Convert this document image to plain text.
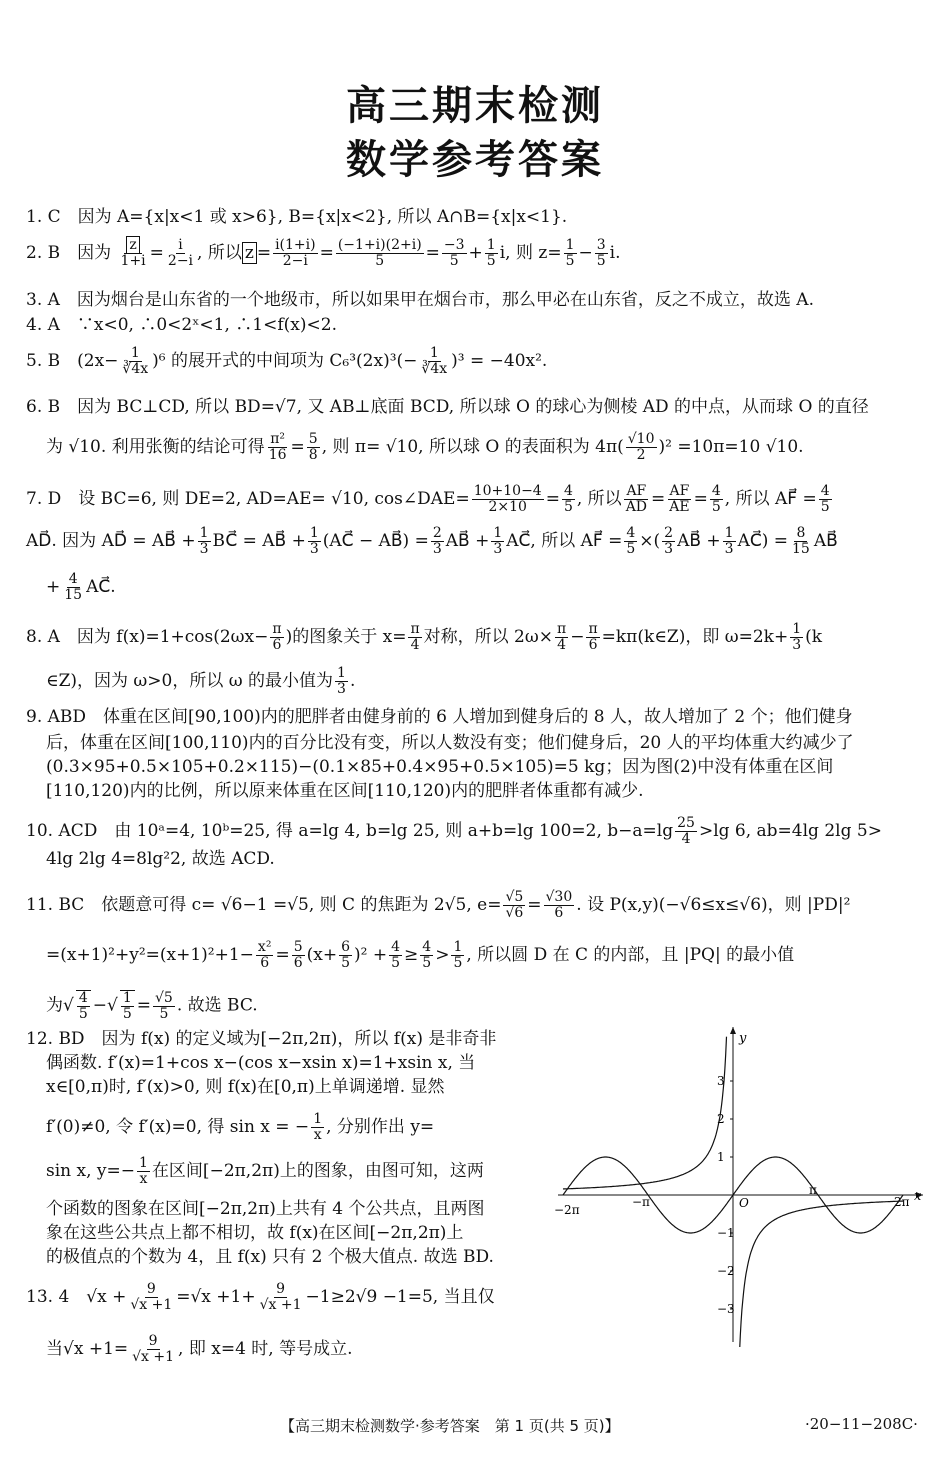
高三期末检测
数学参考答案
1. C　因为 A={x|x<1 或 x>6}, B={x|x<2}, 所以 A∩B={x|x<1}.
2. B　因为 $\frac{z}{1+i} = \frac{i}{2-i}$ , 所以 $z = \frac{i(1+i)}{2-i} = \frac{(-1+i)(2+i)}{5} = \frac{-3}{5} + \frac{1}{5} i$, 则 $z= \frac{1}{5} - \frac{3}{5} i$.
3. A　因为烟台是山东省的一个地级市，所以如果甲在烟台市，那么甲必在山东省，反之不成立，故选 A.
4. A　∵x<0, ∴0<2ˣ<1, ∴1<f(x)<2.
5. B　$(2x- \frac{1}{∛4x} )^6$ 的展开式的中间项为 $C_6^3(2x)^3(- \frac{1}{∛4x} )^3 = -40x^2$.
6. B　因为 BC⊥CD, 所以 BD=√7, 又 AB⊥底面 BCD, 所以球 O 的球心为侧棱 AD 的中点，从而球 O 的直径
为 √10. 利用张衡的结论可得 $\frac{\text{π²}}{16} = \frac{5}{8}$ , 则 π= √10, 所以球 O 的表面积为 $4\pi( \frac{√10}{2} )^2 =10\pi=10$ √10.
7. D　设 BC=6, 则 DE=2, AD=AE= √10, cos∠DAE= $\frac{10+10-4}{2\times 10} = \frac{4}{5}$ , 所以 $\frac{AF}{AD} = \frac{AF}{AE} = \frac{4}{5}$ , 所以 AF⃗ = $\frac{4}{5}$
AD⃗. 因为 AD⃗ = AB⃗ + $\frac{1}{3}$ BC⃗ = AB⃗ + $\frac{1}{3}$ (AC⃗ − AB⃗) = $\frac{2}{3}$ AB⃗ + $\frac{1}{3}$ AC⃗, 所以 AF⃗ = $\frac{4}{5}$ ×( $\frac{2}{3}$ AB⃗ + $\frac{1}{3}$ AC⃗) = $\frac{8}{15}$ AB⃗
+ $\frac{4}{15}$ AC⃗.
8. A　因为 $f(x)=1+\cos(2\omega x- \frac{\pi}{6}$ )的图象关于 $x= \frac{\pi}{4}$ 对称，所以 $2\omega\times \frac{\pi}{4} - \frac{\pi}{6}$ =kπ(k∈Z)，即 $\omega=2k+ \frac{1}{3} (k$
∈Z)，因为 ω>0，所以 ω 的最小值为 $\frac{1}{3}$ .
9. ABD　体重在区间[90,100)内的肥胖者由健身前的 6 人增加到健身后的 8 人，故人增加了 2 个；他们健身
后，体重在区间[100,110)内的百分比没有变，所以人数没有变；他们健身后，20 人的平均体重大约减少了
(0.3×95+0.5×105+0.2×115)−(0.1×85+0.4×95+0.5×105)=5 kg；因为图(2)中没有体重在区间
[110,120)内的比例，所以原来体重在区间[110,120)内的肥胖者体重都有减少.
10. ACD　由 10ᵃ=4, 10ᵇ=25, 得 a=lg 4, b=lg 25, 则 a+b=lg 100=2, $b-a=\lg \frac{25}{4} >\lg$ 6, ab=4lg 2lg 5>
4lg 2lg 4=8lg²2, 故选 ACD.
11. BC　依题意可得 c= √6−1 =√5, 则 C 的焦距为 2√5, $e= \frac{√5}{√6} = \frac{√30}{6}$ . 设 P(x,y)(−√6≤x≤√6)，则 |PD|²
$=(x+1)^2+y^2=(x+1)^2+1- \frac{\text{x²}}{6} = \frac{5}{6} (x+ \frac{6}{5} )^2 + \frac{4}{5} \ge \frac{4}{5} > \frac{1}{5}$ , 所以圆 D 在 C 的内部，且 |PQ| 的最小值
为√ $\frac{4}{5}$ −√ $\frac{1}{5} = \frac{√5}{5}$ . 故选 BC.
12. BD　因为 f(x) 的定义域为[−2π,2π)，所以 f(x) 是非奇非
偶函数. f′(x)=1+cos x−(cos x−xsin x)=1+xsin x, 当
x∈[0,π)时, f′(x)>0, 则 f(x)在[0,π)上单调递增. 显然
f′(0)≠0, 令 f′(x)=0, 得 sin x = − $\frac{1}{x}$ , 分别作出 y=
sin x, $y=- \frac{1}{x}$ 在区间[−2π,2π)上的图象，由图可知，这两
个函数的图象在区间[−2π,2π)上共有 4 个公共点，且两图
象在这些公共点上都不相切，故 f(x)在区间[−2π,2π)上
的极值点的个数为 4，且 f(x) 只有 2 个极大值点. 故选 BD.
13. 4　$√x + \frac{9}{√x +1} =√x +1+ \frac{9}{√x +1} -1\ge 2√9 -1=5$, 当且仅
当$√x +1= \frac{9}{√x +1}$ , 即 x=4 时, 等号成立.
y
x
O
3
2
1
−1
−2
−3
−2π
−π
π
2π
【高三期末检测数学·参考答案　第 1 页(共 5 页)】	·20−11−208C·
